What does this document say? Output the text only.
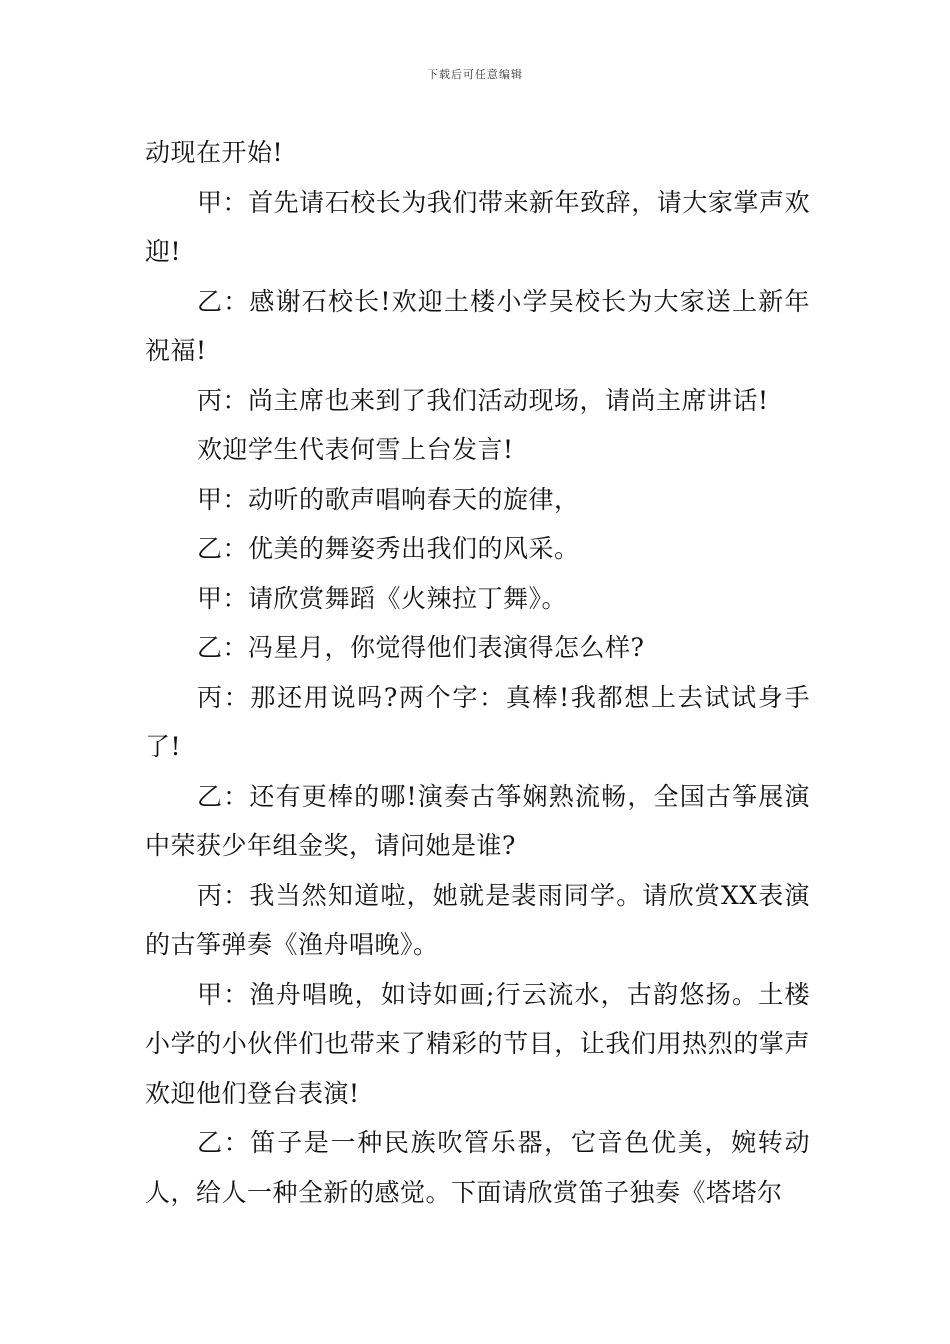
下载后可任意编辑

动现在开始!

甲：首先请石校长为我们带来新年致辞，请大家掌声欢迎!

乙：感谢石校长!欢迎土楼小学吴校长为大家送上新年祝福!

丙：尚主席也来到了我们活动现场，请尚主席讲话!

欢迎学生代表何雪上台发言!

甲：动听的歌声唱响春天的旋律，

乙：优美的舞姿秀出我们的风采。

甲：请欣赏舞蹈《火辣拉丁舞》。

乙：冯星月，你觉得他们表演得怎么样?

丙：那还用说吗?两个字：真棒!我都想上去试试身手了!

乙：还有更棒的哪!演奏古筝娴熟流畅，全国古筝展演中荣获少年组金奖，请问她是谁?

丙：我当然知道啦，她就是裴雨同学。请欣赏XX表演的古筝弹奏《渔舟唱晚》。

甲：渔舟唱晚，如诗如画;行云流水，古韵悠扬。土楼小学的小伙伴们也带来了精彩的节目，让我们用热烈的掌声欢迎他们登台表演!

乙：笛子是一种民族吹管乐器，它音色优美，婉转动人，给人一种全新的感觉。下面请欣赏笛子独奏《塔塔尔
